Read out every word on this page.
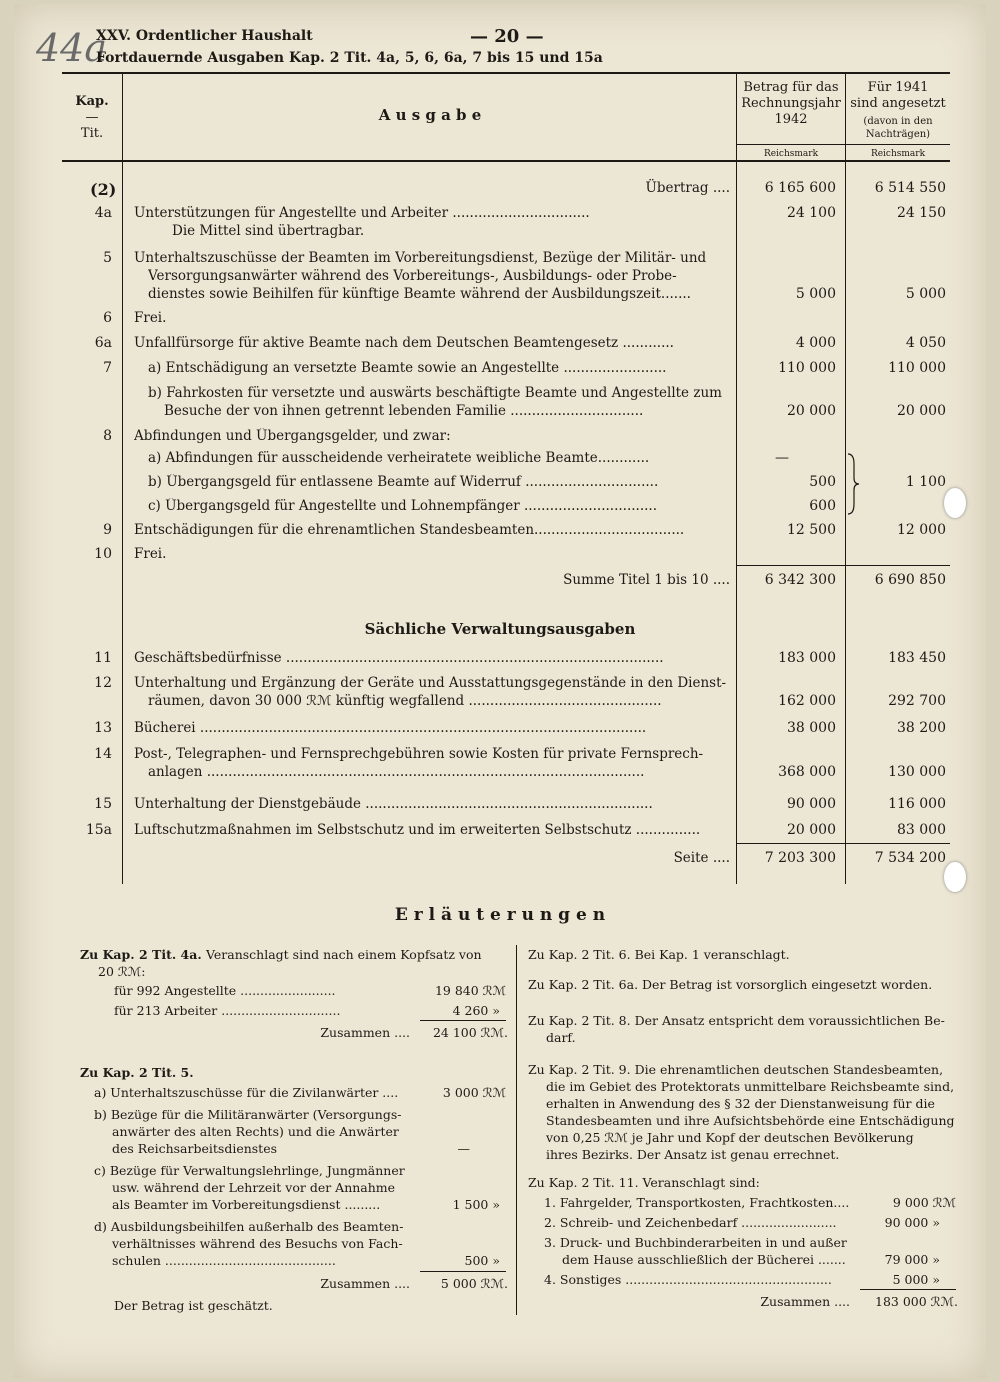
44a
XXV. Ordentlicher Haushalt	— 20 —
Fortdauernde Ausgaben Kap. 2 Tit. 4a, 5, 6, 6a, 7 bis 15 und 15a
Kap.
—
Tit.
A u s g a b e
Betrag für das
Rechnungsjahr
1942
Reichsmark
Für 1941
sind angesetzt
(davon in den
Nachträgen)
Reichsmark
(2)	Übertrag ....	6 165 600	6 514 550
4a Unterstützungen für Angestellte und Arbeiter ................................
Die Mittel sind übertragbar.
24 100	24 150
5 Unterhaltszuschüsse der Beamten im Vorbereitungsdienst, Bezüge der Militär- und
Versorgungsanwärter während des Vorbereitungs-, Ausbildungs- oder Probe-
dienstes sowie Beihilfen für künftige Beamte während der Ausbildungszeit.......	5 000	5 000
6 Frei.
6a Unfallfürsorge für aktive Beamte nach dem Deutschen Beamtengesetz ............	4 000	4 050
7	a) Entschädigung an versetzte Beamte sowie an Angestellte ........................	110 000	110 000
b) Fahrkosten für versetzte und auswärts beschäftigte Beamte und Angestellte zum
Besuche der von ihnen getrennt lebenden Familie ...............................	20 000	20 000
8 Abfindungen und Übergangsgelder, und zwar:
a) Abfindungen für ausscheidende verheiratete weibliche Beamte............	—
b) Übergangsgeld für entlassene Beamte auf Widerruf ...............................	500	1 100
c) Übergangsgeld für Angestellte und Lohnempfänger ...............................	600
9 Entschädigungen für die ehrenamtlichen Standesbeamten...................................	12 500	12 000
10 Frei.
Summe Titel 1 bis 10 ....	6 342 300	6 690 850
11 Geschäftsbedürfnisse ........................................................................................	183 000	183 450
12 Unterhaltung und Ergänzung der Geräte und Ausstattungsgegenstände in den Dienst-
räumen, davon 30 000 ℛℳ künftig wegfallend .............................................	162 000	292 700
13 Bücherei ........................................................................................................	38 000	38 200
14 Post-, Telegraphen- und Fernsprechgebühren sowie Kosten für private Fernsprech-
anlagen ......................................................................................................	368 000	130 000
15 Unterhaltung der Dienstgebäude ...................................................................	90 000	116 000
15a Luftschutzmaßnahmen im Selbstschutz und im erweiterten Selbstschutz ...............	20 000	83 000
Seite ....	7 203 300	7 534 200
Sächliche Verwaltungsausgaben
E r l ä u t e r u n g e n
Zu Kap. 2 Tit. 4a. Veranschlagt sind nach einem Kopfsatz von
20 ℛℳ:
für 992 Angestellte ........................	19 840 ℛℳ
für 213 Arbeiter ..............................	4 260 »
Zusammen ....	24 100 ℛℳ.
Zu Kap. 2 Tit. 5.
a) Unterhaltszuschüsse für die Zivilanwärter ....	3 000 ℛℳ
b) Bezüge für die Militäranwärter (Versorgungs-
anwärter des alten Rechts) und die Anwärter
des Reichsarbeitsdienstes	—
c) Bezüge für Verwaltungslehrlinge, Jungmänner
usw. während der Lehrzeit vor der Annahme
als Beamter im Vorbereitungsdienst .........	1 500 »
d) Ausbildungsbeihilfen außerhalb des Beamten-
verhältnisses während des Besuchs von Fach-
schulen ...........................................	500 »
Zusammen ....	5 000 ℛℳ.
Der Betrag ist geschätzt.
Zu Kap. 2 Tit. 6. Bei Kap. 1 veranschlagt.
Zu Kap. 2 Tit. 6a. Der Betrag ist vorsorglich eingesetzt worden.
Zu Kap. 2 Tit. 8. Der Ansatz entspricht dem voraussichtlichen Be-
darf.
Zu Kap. 2 Tit. 9. Die ehrenamtlichen deutschen Standesbeamten,
die im Gebiet des Protektorats unmittelbare Reichsbeamte sind,
erhalten in Anwendung des § 32 der Dienstanweisung für die
Standesbeamten und ihre Aufsichtsbehörde eine Entschädigung
von 0,25 ℛℳ je Jahr und Kopf der deutschen Bevölkerung
ihres Bezirks. Der Ansatz ist genau errechnet.
Zu Kap. 2 Tit. 11. Veranschlagt sind:
1. Fahrgelder, Transportkosten, Frachtkosten....	9 000 ℛℳ
2. Schreib- und Zeichenbedarf ........................	90 000 »
3. Druck- und Buchbinderarbeiten in und außer
dem Hause ausschließlich der Bücherei .......	79 000 »
4. Sonstiges ....................................................	5 000 »
Zusammen ....	183 000 ℛℳ.
